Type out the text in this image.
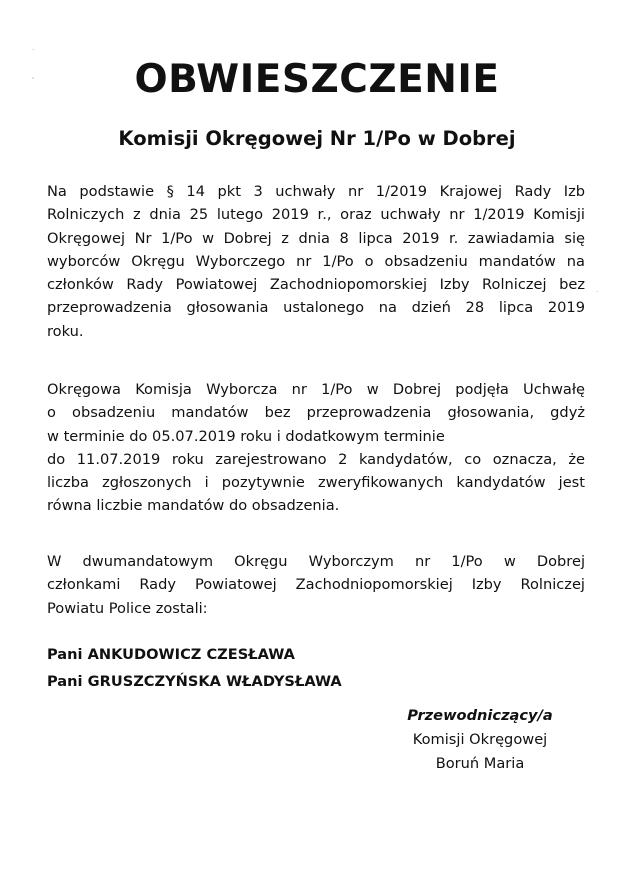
·
'
·
OBWIESZCZENIE
Komisji Okręgowej Nr 1/Po w Dobrej
Na podstawie § 14 pkt 3 uchwały nr 1/2019 Krajowej Rady Izb
Rolniczych z dnia 25 lutego 2019 r., oraz uchwały nr 1/2019 Komisji
Okręgowej Nr 1/Po w Dobrej z dnia 8 lipca 2019 r. zawiadamia się
wyborców Okręgu Wyborczego nr 1/Po o obsadzeniu mandatów na
członków Rady Powiatowej Zachodniopomorskiej Izby Rolniczej bez
przeprowadzenia głosowania ustalonego na dzień 28 lipca 2019
roku.
Okręgowa Komisja Wyborcza nr 1/Po w Dobrej podjęła Uchwałę
o obsadzeniu mandatów bez przeprowadzenia głosowania, gdyż
w terminie do 05.07.2019 roku i dodatkowym terminie
do 11.07.2019 roku zarejestrowano 2 kandydatów, co oznacza, że
liczba zgłoszonych i pozytywnie zweryfikowanych kandydatów jest
równa liczbie mandatów do obsadzenia.
W dwumandatowym Okręgu Wyborczym nr 1/Po w Dobrej
członkami Rady Powiatowej Zachodniopomorskiej Izby Rolniczej
Powiatu Police zostali:
Pani ANKUDOWICZ CZESŁAWA
Pani GRUSZCZYŃSKA WŁADYSŁAWA
Przewodniczący/a
Komisji Okręgowej
Boruń Maria
